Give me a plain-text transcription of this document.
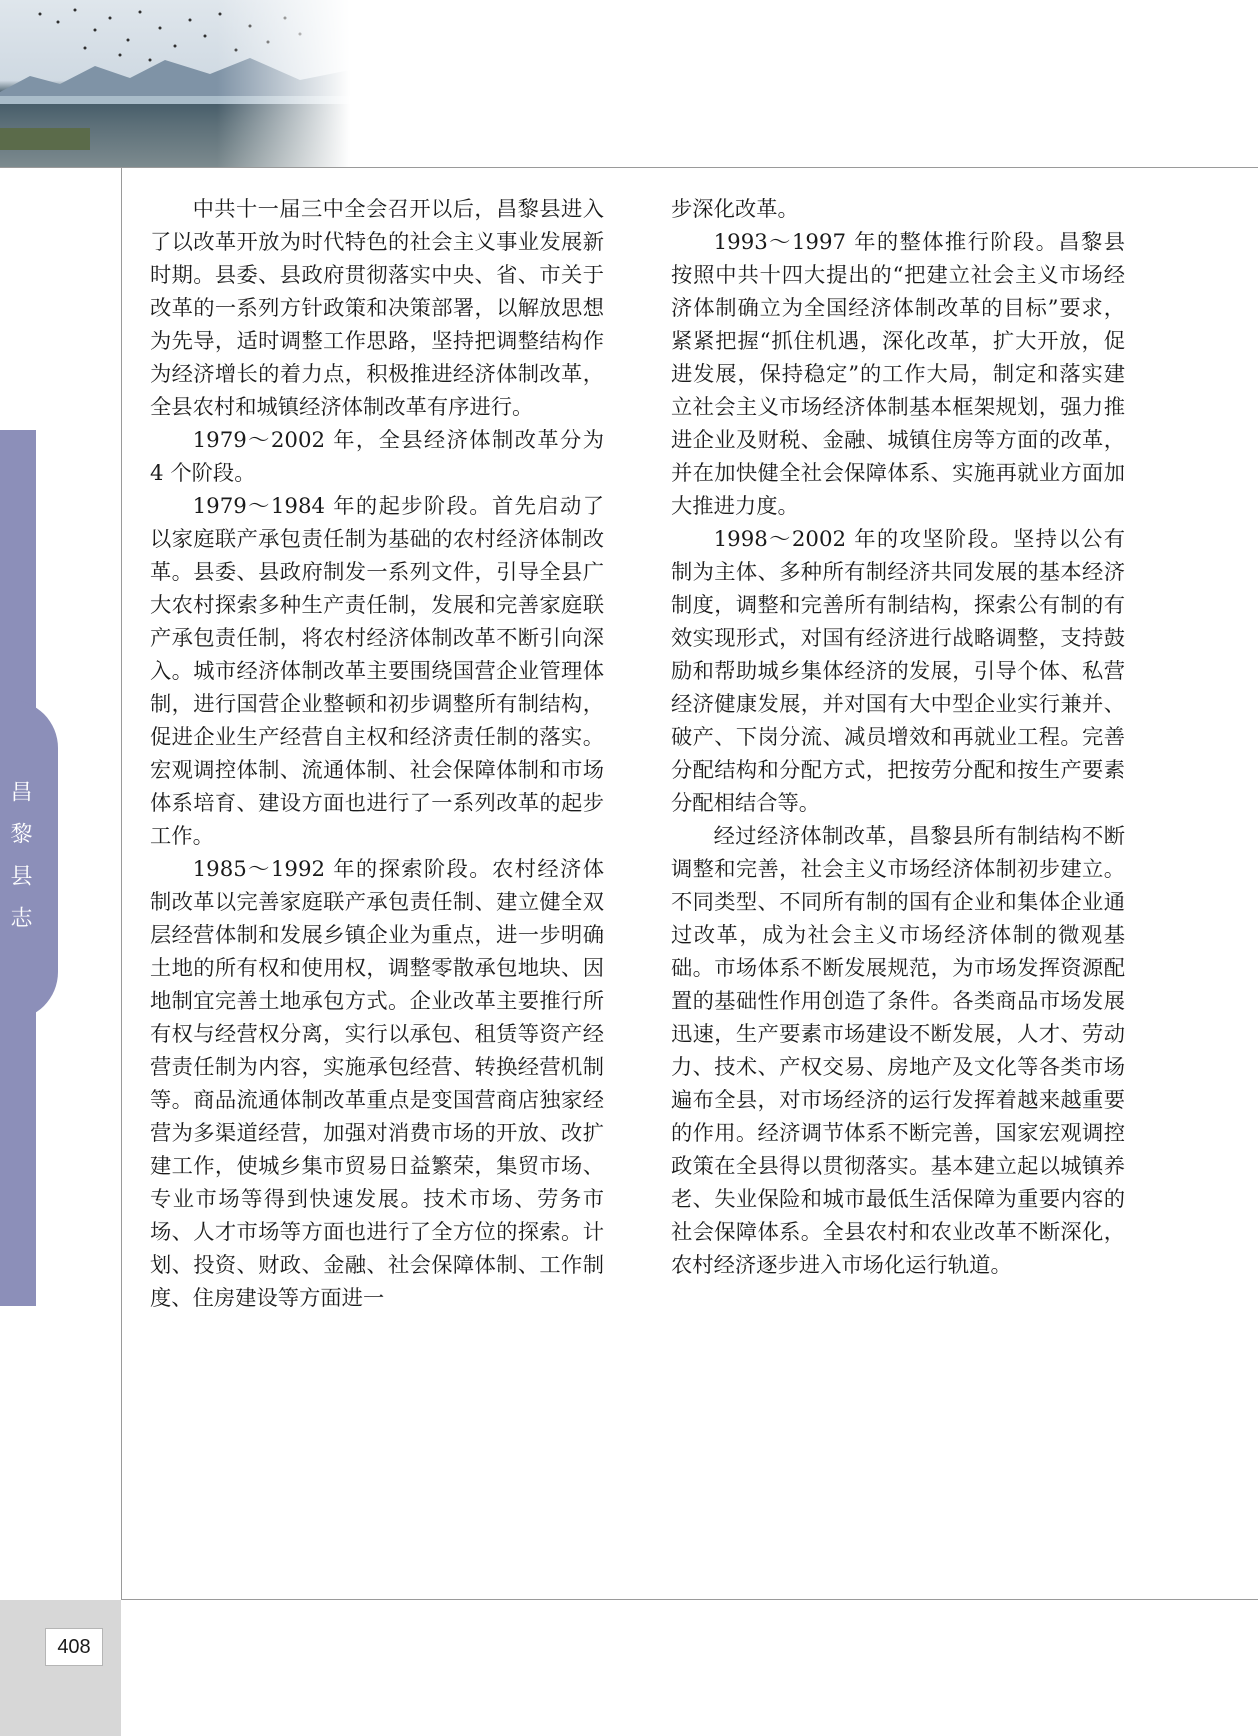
昌黎县志
408

中共十一届三中全会召开以后，昌黎县进入了以改革开放为时代特色的社会主义事业发展新时期。县委、县政府贯彻落实中央、省、市关于改革的一系列方针政策和决策部署，以解放思想为先导，适时调整工作思路，坚持把调整结构作为经济增长的着力点，积极推进经济体制改革，全县农村和城镇经济体制改革有序进行。

1979～2002 年，全县经济体制改革分为 4 个阶段。

1979～1984 年的起步阶段。首先启动了以家庭联产承包责任制为基础的农村经济体制改革。县委、县政府制发一系列文件，引导全县广大农村探索多种生产责任制，发展和完善家庭联产承包责任制，将农村经济体制改革不断引向深入。城市经济体制改革主要围绕国营企业管理体制，进行国营企业整顿和初步调整所有制结构，促进企业生产经营自主权和经济责任制的落实。宏观调控体制、流通体制、社会保障体制和市场体系培育、建设方面也进行了一系列改革的起步工作。

1985～1992 年的探索阶段。农村经济体制改革以完善家庭联产承包责任制、建立健全双层经营体制和发展乡镇企业为重点，进一步明确土地的所有权和使用权，调整零散承包地块、因地制宜完善土地承包方式。企业改革主要推行所有权与经营权分离，实行以承包、租赁等资产经营责任制为内容，实施承包经营、转换经营机制等。商品流通体制改革重点是变国营商店独家经营为多渠道经营，加强对消费市场的开放、改扩建工作，使城乡集市贸易日益繁荣，集贸市场、专业市场等得到快速发展。技术市场、劳务市场、人才市场等方面也进行了全方位的探索。计划、投资、财政、金融、社会保障体制、工作制度、住房建设等方面进一

步深化改革。

1993～1997 年的整体推行阶段。昌黎县按照中共十四大提出的“把建立社会主义市场经济体制确立为全国经济体制改革的目标”要求，紧紧把握“抓住机遇，深化改革，扩大开放，促进发展，保持稳定”的工作大局，制定和落实建立社会主义市场经济体制基本框架规划，强力推进企业及财税、金融、城镇住房等方面的改革，并在加快健全社会保障体系、实施再就业方面加大推进力度。

1998～2002 年的攻坚阶段。坚持以公有制为主体、多种所有制经济共同发展的基本经济制度，调整和完善所有制结构，探索公有制的有效实现形式，对国有经济进行战略调整，支持鼓励和帮助城乡集体经济的发展，引导个体、私营经济健康发展，并对国有大中型企业实行兼并、破产、下岗分流、减员增效和再就业工程。完善分配结构和分配方式，把按劳分配和按生产要素分配相结合等。

经过经济体制改革，昌黎县所有制结构不断调整和完善，社会主义市场经济体制初步建立。不同类型、不同所有制的国有企业和集体企业通过改革，成为社会主义市场经济体制的微观基础。市场体系不断发展规范，为市场发挥资源配置的基础性作用创造了条件。各类商品市场发展迅速，生产要素市场建设不断发展，人才、劳动力、技术、产权交易、房地产及文化等各类市场遍布全县，对市场经济的运行发挥着越来越重要的作用。经济调节体系不断完善，国家宏观调控政策在全县得以贯彻落实。基本建立起以城镇养老、失业保险和城市最低生活保障为重要内容的社会保障体系。全县农村和农业改革不断深化，农村经济逐步进入市场化运行轨道。
